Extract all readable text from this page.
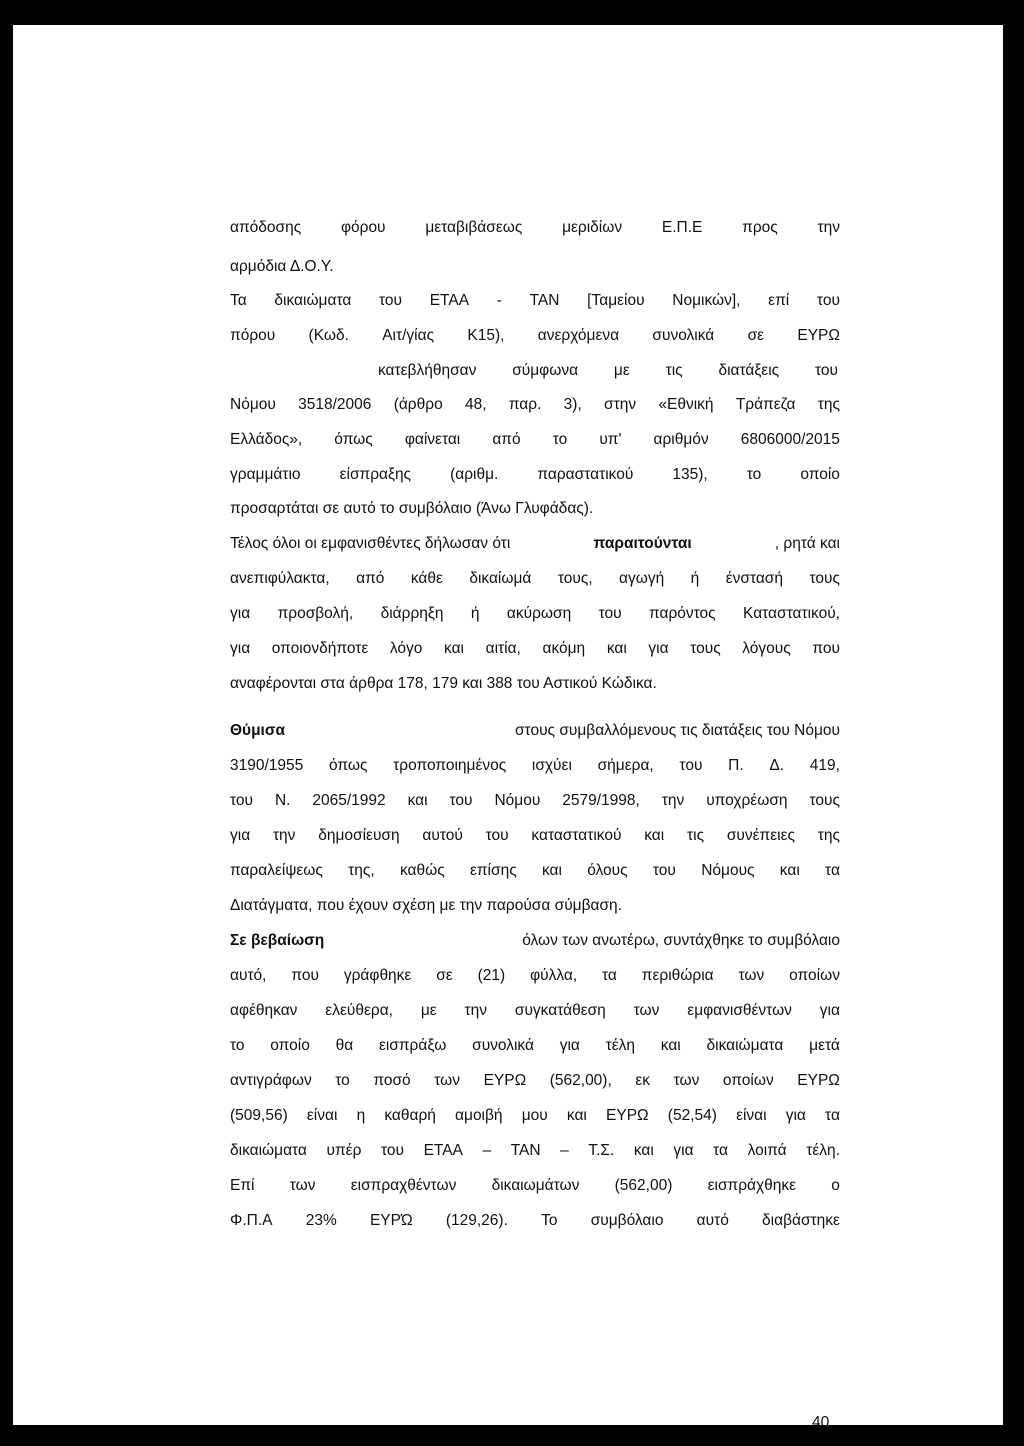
απόδοσης	φόρου	μεταβιβάσεως	μεριδίων	Ε.Π.Ε	προς	την
αρμόδια Δ.Ο.Υ.
Τα δικαιώματα του ΕΤΑΑ - ΤΑΝ [Ταμείου Νομικών], επί του
πόρου (Κωδ. Αιτ/γίας Κ15), ανερχόμενα συνολικά σε ΕΥΡΩ
κατεβλήθησαν σύμφωνα με τις διατάξεις του
Νόμου 3518/2006 (άρθρο 48, παρ. 3), στην «Εθνική Τράπεζα της
Ελλάδος», όπως φαίνεται από το υπ' αριθμόν 6806000/2015
γραμμάτιο	είσπραξης	(αριθμ.	παραστατικού	135),	το	οποίο
προσαρτάται σε αυτό το συμβόλαιο (Άνω Γλυφάδας).
Τέλος όλοι οι εμφανισθέντες δήλωσαν ότι	παραιτούνται	, ρητά και
ανεπιφύλακτα, από κάθε δικαίωμά τους, αγωγή ή ένστασή τους
για προσβολή, διάρρηξη ή ακύρωση του παρόντος Καταστατικού,
για οποιονδήποτε λόγο και αιτία, ακόμη και για τους λόγους που
αναφέρονται στα άρθρα 178, 179 και 388 του Αστικού Κώδικα.
Θύμισα	στους συμβαλλόμενους τις διατάξεις του Νόμου
3190/1955 όπως τροποποιημένος ισχύει σήμερα, του Π. Δ. 419,
του Ν. 2065/1992 και του Νόμου 2579/1998, την υποχρέωση τους
για την δημοσίευση αυτού του καταστατικού και τις συνέπειες της
παραλείψεως της, καθώς επίσης και όλους του Νόμους και τα
Διατάγματα, που έχουν σχέση με την παρούσα σύμβαση.
Σε βεβαίωση	όλων των ανωτέρω, συντάχθηκε το συμβόλαιο
αυτό, που γράφθηκε σε (21) φύλλα, τα περιθώρια των οποίων
αφέθηκαν ελεύθερα, με την συγκατάθεση των εμφανισθέντων για
το οποίο θα εισπράξω συνολικά για τέλη και δικαιώματα μετά
αντιγράφων το ποσό των ΕΥΡΩ (562,00), εκ των οποίων ΕΥΡΩ
(509,56) είναι η καθαρή αμοιβή μου και ΕΥΡΩ (52,54) είναι για τα
δικαιώματα υπέρ του ΕΤΑΑ – ΤΑΝ – Τ.Σ. και για τα λοιπά τέλη.
Επί των εισπραχθέντων δικαιωμάτων (562,00) εισπράχθηκε ο
Φ.Π.Α 23% ΕΥΡΏ (129,26). Το συμβόλαιο αυτό διαβάστηκε
40
